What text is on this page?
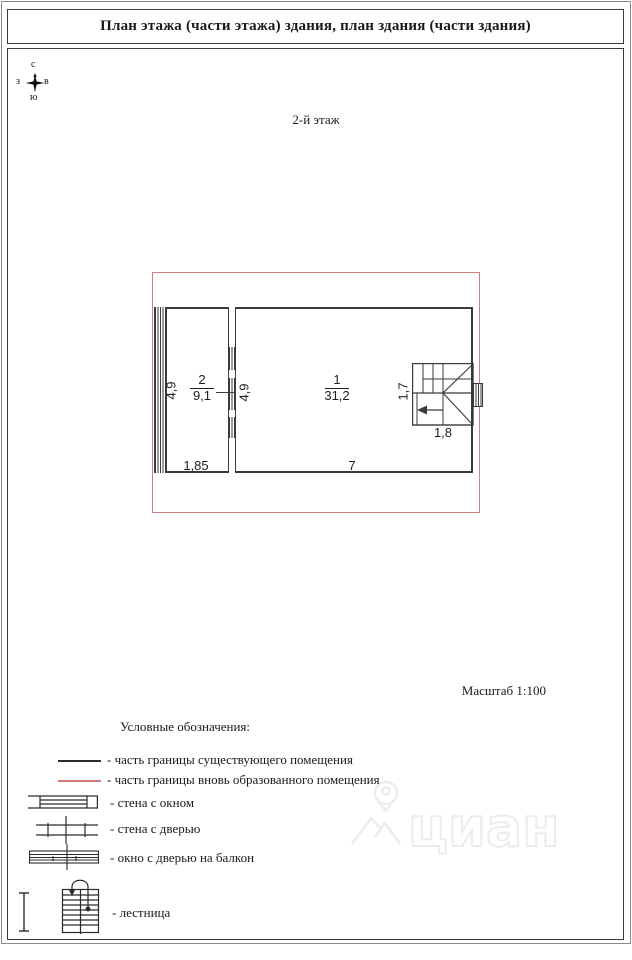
План этажа (части этажа) здания, план здания (части здания)
с
в
з
ю
2-й этаж
$\frac{1}{31,2}$
$\frac{2}{9,1}$
4,9	4,9	1,7
1,85	7
1,8
Масштаб 1:100
циан
Условные обозначения:
- часть границы существующего помещения
- часть границы вновь образованного помещения
- стена с окном
- стена с дверью
- окно с дверью на балкон
- лестница
